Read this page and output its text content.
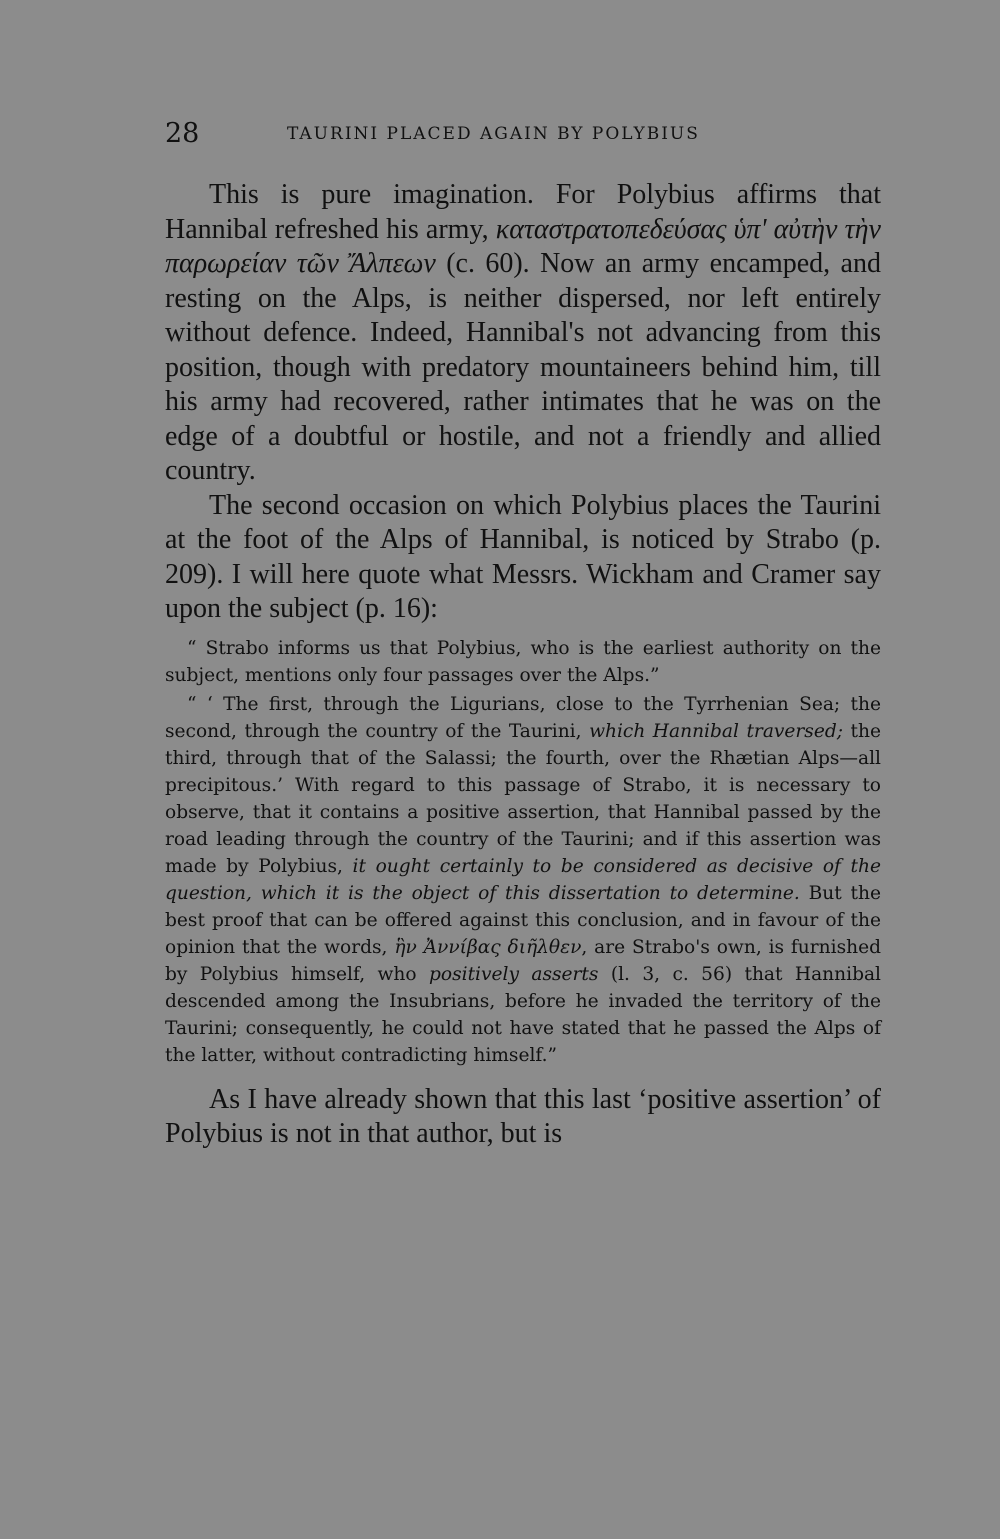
28	TAURINI PLACED AGAIN BY POLYBIUS

This is pure imagination. For Polybius affirms that Hannibal refreshed his army, καταστρατοπεδεύσας ὑπ' αὐτὴν τὴν παρωρείαν τῶν Ἄλπεων (c. 60). Now an army encamped, and resting on the Alps, is neither dispersed, nor left entirely without defence. Indeed, Hannibal's not advancing from this position, though with predatory mountaineers behind him, till his army had recovered, rather intimates that he was on the edge of a doubtful or hostile, and not a friendly and allied country.

The second occasion on which Polybius places the Taurini at the foot of the Alps of Hannibal, is noticed by Strabo (p. 209). I will here quote what Messrs. Wickham and Cramer say upon the subject (p. 16):

“ Strabo informs us that Polybius, who is the earliest authority on the subject, mentions only four passages over the Alps.”

“ ‘ The first, through the Ligurians, close to the Tyrrhenian Sea; the second, through the country of the Taurini, which Hannibal traversed; the third, through that of the Salassi; the fourth, over the Rhætian Alps—all precipitous.’ With regard to this passage of Strabo, it is necessary to observe, that it contains a positive assertion, that Hannibal passed by the road leading through the country of the Taurini; and if this assertion was made by Polybius, it ought certainly to be considered as decisive of the question, which it is the object of this dissertation to determine. But the best proof that can be offered against this conclusion, and in favour of the opinion that the words, ἣν Ἀννίβας διῆλθεν, are Strabo's own, is furnished by Polybius himself, who positively asserts (l. 3, c. 56) that Hannibal descended among the Insubrians, before he invaded the territory of the Taurini; consequently, he could not have stated that he passed the Alps of the latter, without contradicting himself.”

As I have already shown that this last ‘positive assertion’ of Polybius is not in that author, but is
